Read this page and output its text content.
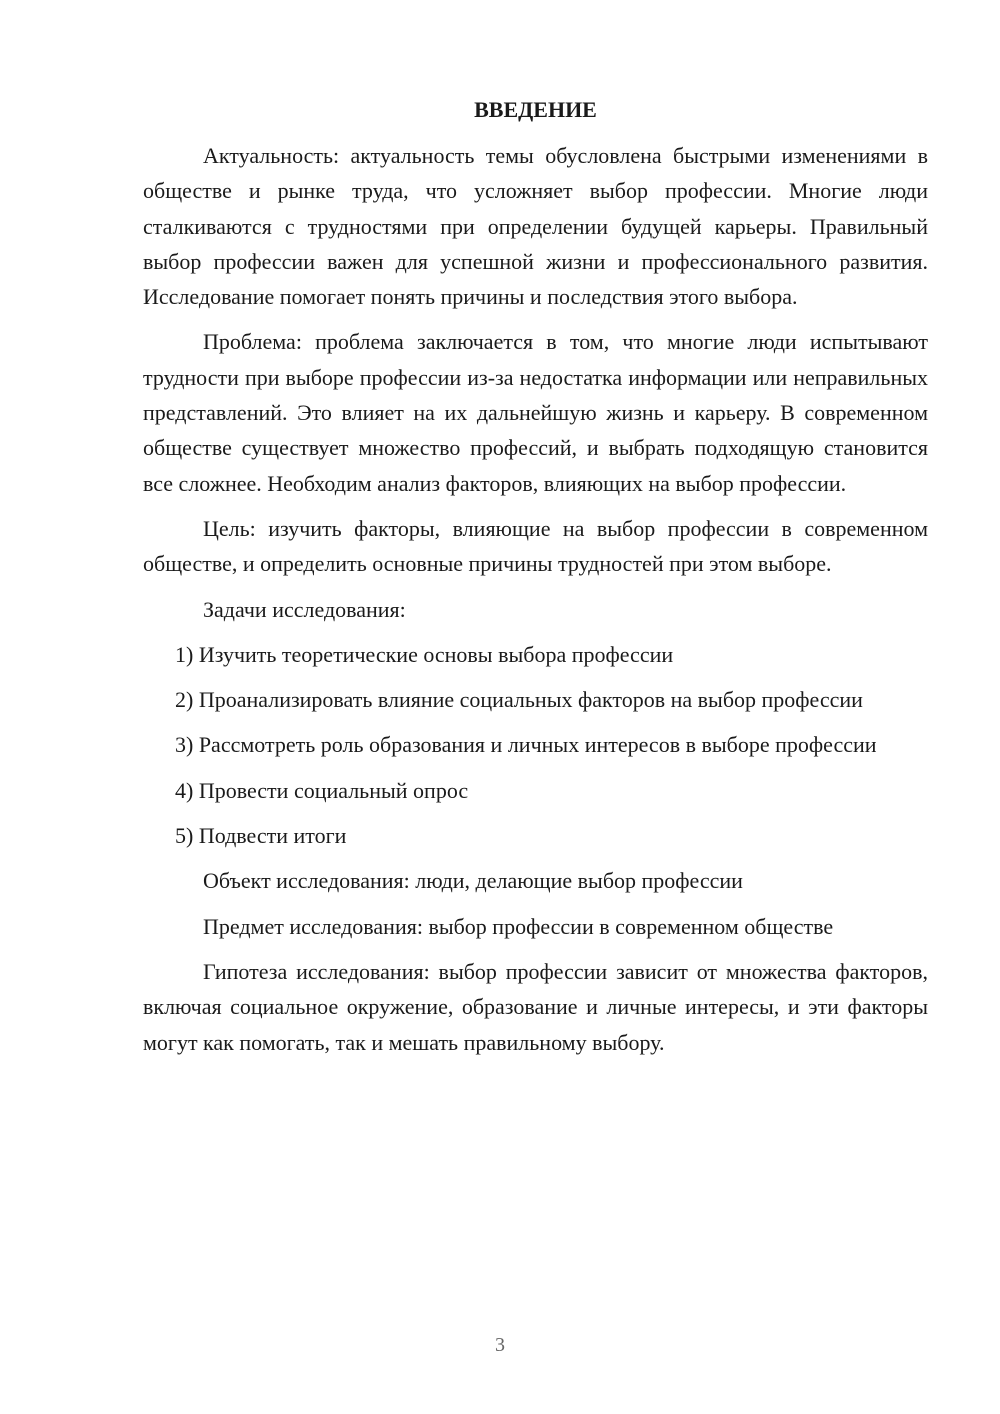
ВВЕДЕНИЕ
Актуальность: актуальность темы обусловлена быстрыми изменениями в обществе и рынке труда, что усложняет выбор профессии. Многие люди сталкиваются с трудностями при определении будущей карьеры. Правильный выбор профессии важен для успешной жизни и профессионального развития. Исследование помогает понять причины и последствия этого выбора.
Проблема: проблема заключается в том, что многие люди испытывают трудности при выборе профессии из-за недостатка информации или неправильных представлений. Это влияет на их дальнейшую жизнь и карьеру. В современном обществе существует множество профессий, и выбрать подходящую становится все сложнее. Необходим анализ факторов, влияющих на выбор профессии.
Цель: изучить факторы, влияющие на выбор профессии в современном обществе, и определить основные причины трудностей при этом выборе.
Задачи исследования:
1) Изучить теоретические основы выбора профессии
2) Проанализировать влияние социальных факторов на выбор профессии
3) Рассмотреть роль образования и личных интересов в выборе профессии
4) Провести социальный опрос
5) Подвести итоги
Объект исследования: люди, делающие выбор профессии
Предмет исследования: выбор профессии в современном обществе
Гипотеза исследования: выбор профессии зависит от множества факторов, включая социальное окружение, образование и личные интересы, и эти факторы могут как помогать, так и мешать правильному выбору.
3
